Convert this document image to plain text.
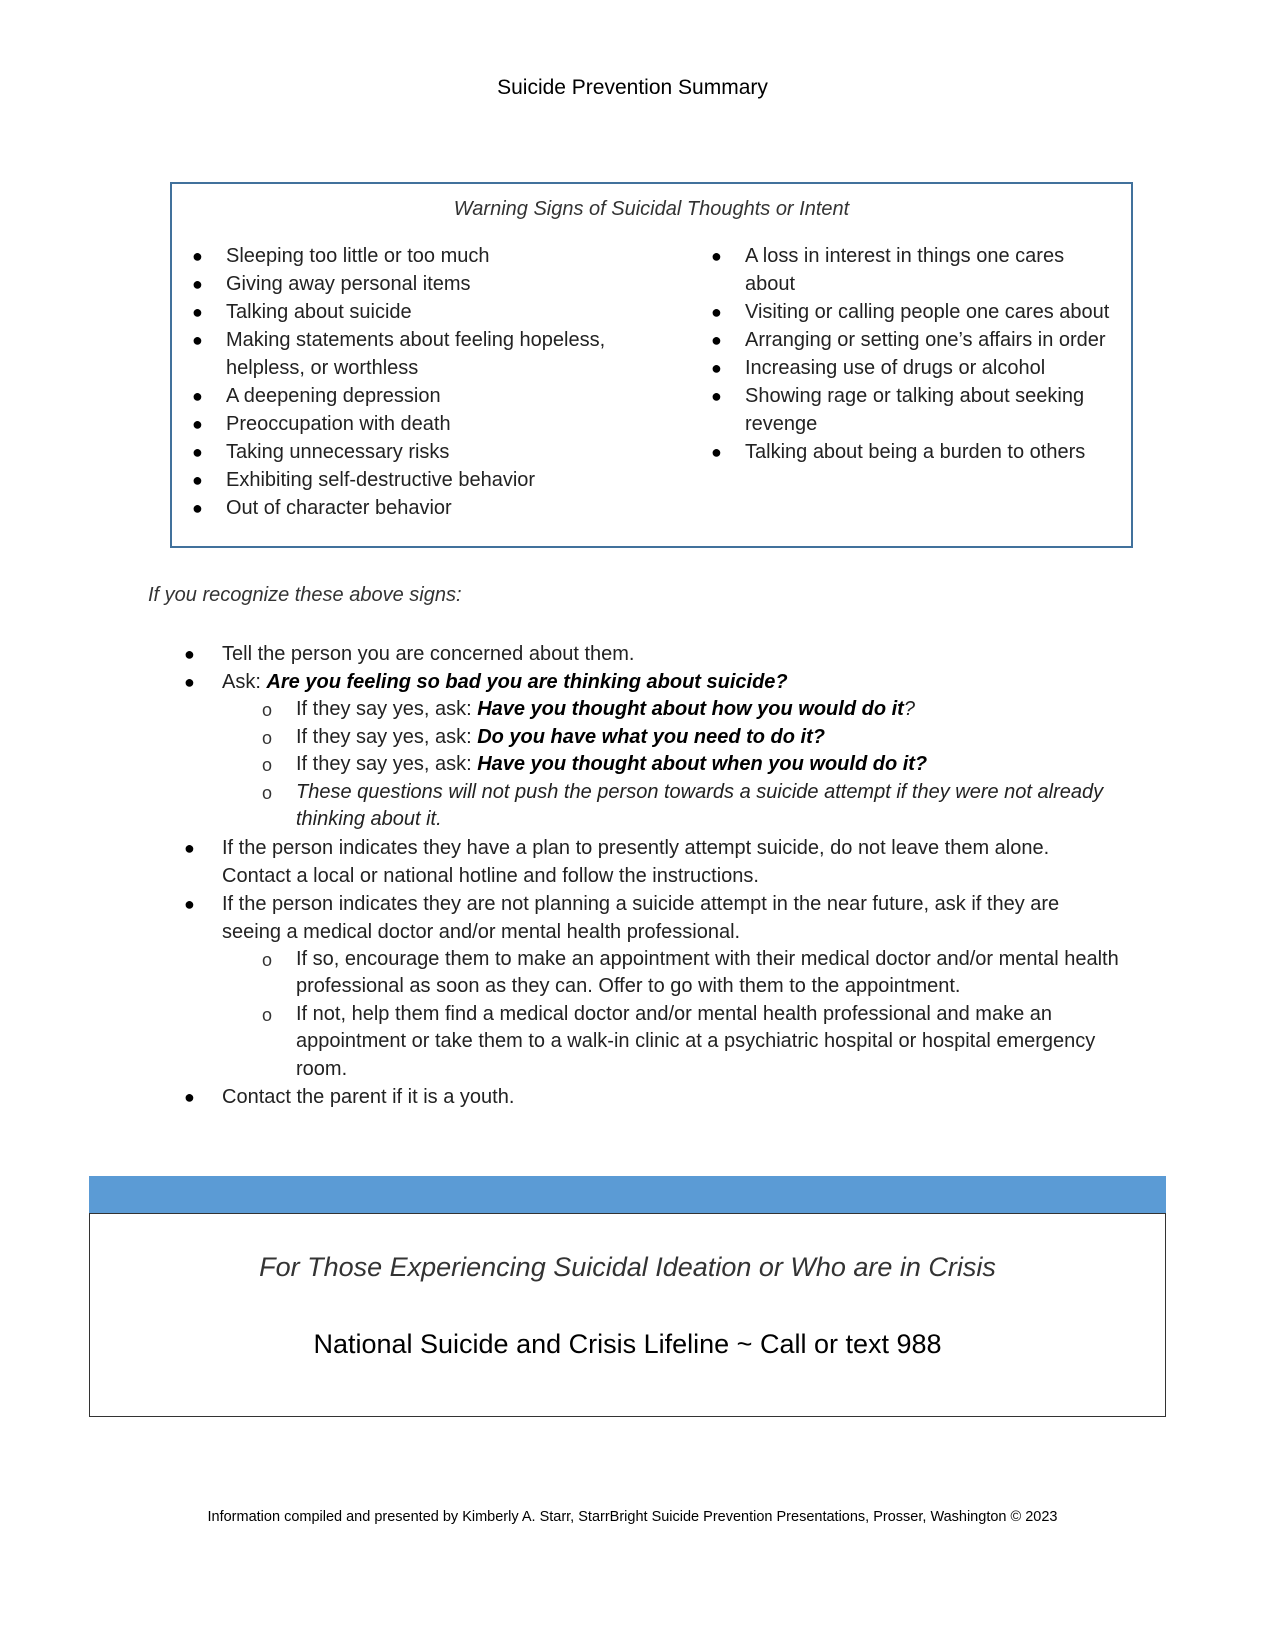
Suicide Prevention Summary
Warning Signs of Suicidal Thoughts or Intent
● Sleeping too little or too much
● Giving away personal items
● Talking about suicide
● Making statements about feeling hopeless, helpless, or worthless
● A deepening depression
● Preoccupation with death
● Taking unnecessary risks
● Exhibiting self-destructive behavior
● Out of character behavior
● A loss in interest in things one cares about
● Visiting or calling people one cares about
● Arranging or setting one’s affairs in order
● Increasing use of drugs or alcohol
● Showing rage or talking about seeking revenge
● Talking about being a burden to others
If you recognize these above signs:
● Tell the person you are concerned about them.
● Ask: Are you feeling so bad you are thinking about suicide?
o If they say yes, ask: Have you thought about how you would do it?
o If they say yes, ask: Do you have what you need to do it?
o If they say yes, ask: Have you thought about when you would do it?
o These questions will not push the person towards a suicide attempt if they were not already thinking about it.
● If the person indicates they have a plan to presently attempt suicide, do not leave them alone. Contact a local or national hotline and follow the instructions.
● If the person indicates they are not planning a suicide attempt in the near future, ask if they are seeing a medical doctor and/or mental health professional.
o If so, encourage them to make an appointment with their medical doctor and/or mental health professional as soon as they can. Offer to go with them to the appointment.
o If not, help them find a medical doctor and/or mental health professional and make an appointment or take them to a walk-in clinic at a psychiatric hospital or hospital emergency room.
● Contact the parent if it is a youth.
For Those Experiencing Suicidal Ideation or Who are in Crisis
National Suicide and Crisis Lifeline ~ Call or text 988
Information compiled and presented by Kimberly A. Starr, StarrBright Suicide Prevention Presentations, Prosser, Washington © 2023
